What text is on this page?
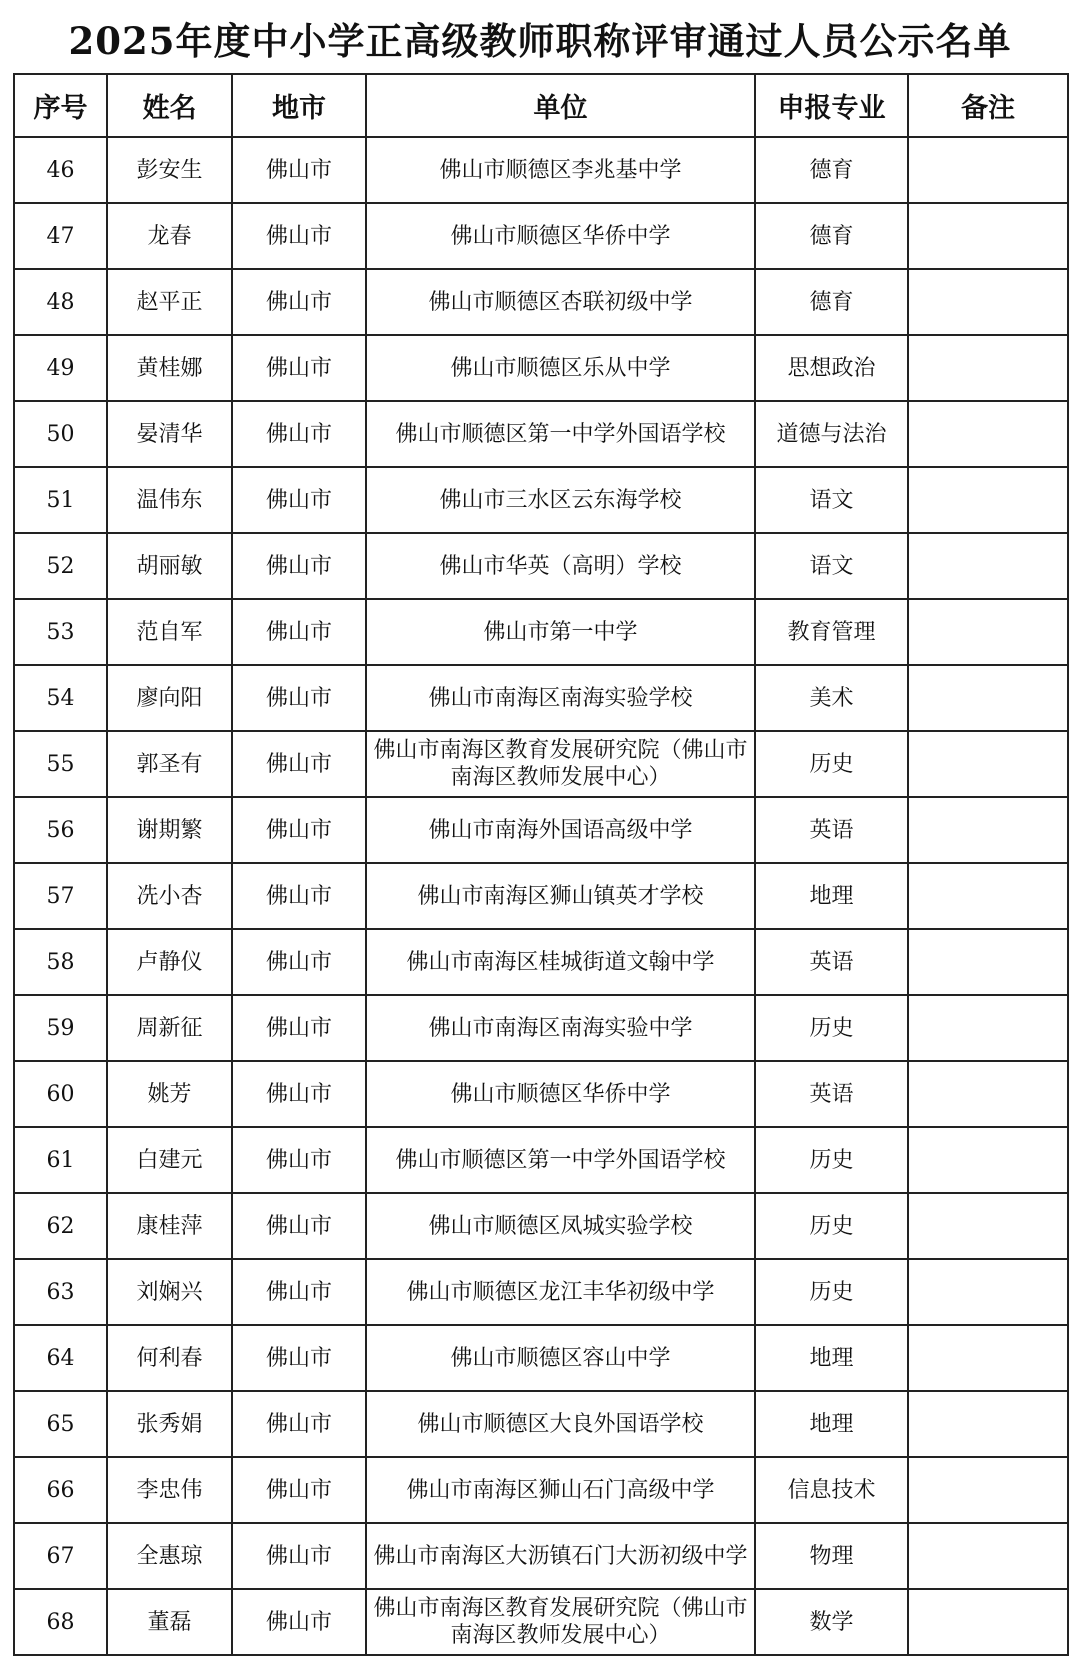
2025年度中小学正高级教师职称评审通过人员公示名单
序号	姓名	地市	单位	申报专业	备注
46	彭安生	佛山市	佛山市顺德区李兆基中学	德育	
47	龙春	佛山市	佛山市顺德区华侨中学	德育	
48	赵平正	佛山市	佛山市顺德区杏联初级中学	德育	
49	黄桂娜	佛山市	佛山市顺德区乐从中学	思想政治	
50	晏清华	佛山市	佛山市顺德区第一中学外国语学校	道德与法治	
51	温伟东	佛山市	佛山市三水区云东海学校	语文	
52	胡丽敏	佛山市	佛山市华英（高明）学校	语文	
53	范自军	佛山市	佛山市第一中学	教育管理	
54	廖向阳	佛山市	佛山市南海区南海实验学校	美术	
55	郭圣有	佛山市	佛山市南海区教育发展研究院（佛山市南海区教师发展中心）	历史	
56	谢期繁	佛山市	佛山市南海外国语高级中学	英语	
57	冼小杏	佛山市	佛山市南海区狮山镇英才学校	地理	
58	卢静仪	佛山市	佛山市南海区桂城街道文翰中学	英语	
59	周新征	佛山市	佛山市南海区南海实验中学	历史	
60	姚芳	佛山市	佛山市顺德区华侨中学	英语	
61	白建元	佛山市	佛山市顺德区第一中学外国语学校	历史	
62	康桂萍	佛山市	佛山市顺德区凤城实验学校	历史	
63	刘娴兴	佛山市	佛山市顺德区龙江丰华初级中学	历史	
64	何利春	佛山市	佛山市顺德区容山中学	地理	
65	张秀娟	佛山市	佛山市顺德区大良外国语学校	地理	
66	李忠伟	佛山市	佛山市南海区狮山石门高级中学	信息技术	
67	全惠琼	佛山市	佛山市南海区大沥镇石门大沥初级中学	物理	
68	董磊	佛山市	佛山市南海区教育发展研究院（佛山市南海区教师发展中心）	数学	
